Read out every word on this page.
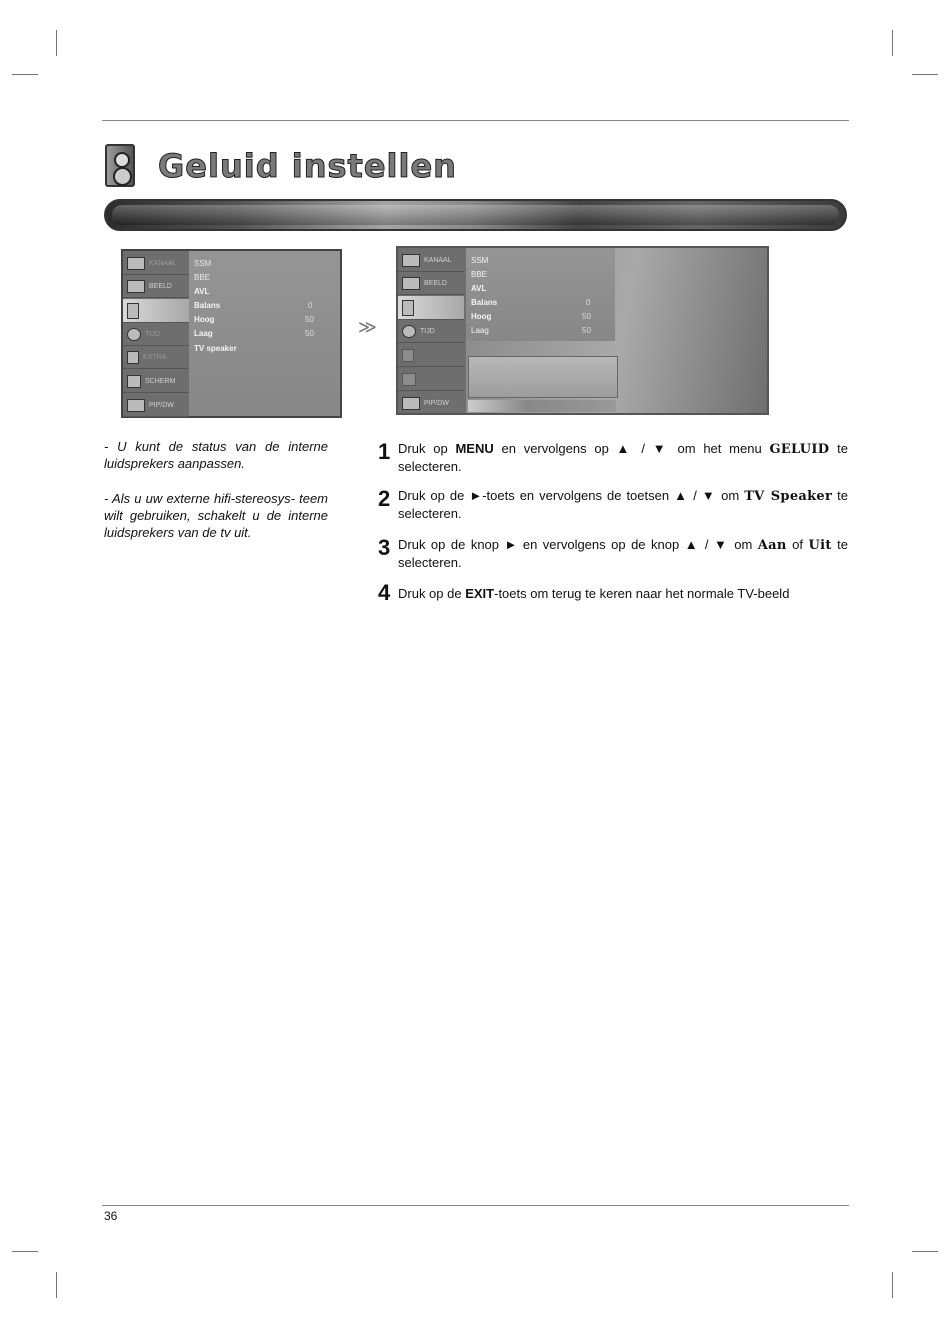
Geluid instellen
KANAAL
BEELD
TIJD
EXTRA
SCHERM
PIP/DW
SSM
BBE
AVL
Balans	0
Hoog	50
Laag	50
TV speaker
≫
KANAAL
BEELD
TIJD
PIP/DW
SSM
BBE
AVL
Balans	0
Hoog	50
Laag	50
- U kunt de status van de interne luidsprekers aanpassen.
- Als u uw externe hifi-stereosys- teem wilt gebruiken, schakelt u de interne luidsprekers van de tv uit.
1 Druk op MENU en vervolgens op ▲ / ▼ om het menu GELUID te selecteren.
2 Druk op de ►-toets en vervolgens de toetsen ▲ / ▼ om TV Speaker te selecteren.
3 Druk op de knop ► en vervolgens op de knop ▲ / ▼ om Aan of Uit te selecteren.
4 Druk op de EXIT-toets om terug te keren naar het normale TV-beeld
36
